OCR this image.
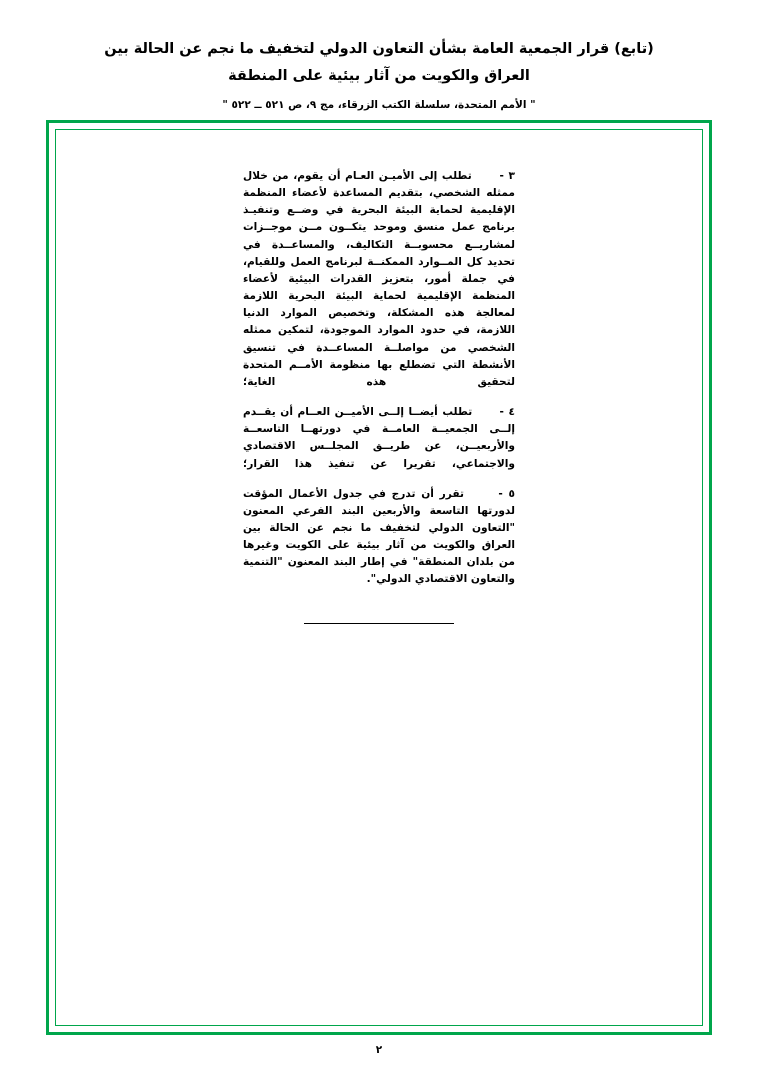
(تابع) قرار الجمعية العامة بشأن التعاون الدولي لتخفيف ما نجم عن الحالة بين
العراق والكويت من آثار بيئية على المنطقة
" الأمم المتحدة، سلسلة الكتب الزرقاء، مج ٩، ص ٥٢١ ــ ٥٢٢ "
٣ -      تطلب إلى الأميـن العـام أن يقوم، من خلال ممثله الشخصي، بتقديم المساعدة لأعضاء المنظمة الإقليمية لحماية البيئة البحرية في وضــع وتنفيـذ برنامج عمل منسق وموحد يتكــون مــن موجــزات لمشاريــع محسوبــة التكاليف، والمساعــدة في تحديد كل المــوارد الممكنــة لبرنامج العمل وللقيام، في جملة أمور، بتعزيز القدرات البيئية لأعضاء المنظمة الإقليمية لحماية البيئة البحرية اللازمة لمعالجة هذه المشكلة، وتخصيص الموارد الدنيا اللازمة، في حدود الموارد الموجودة، لتمكين ممثله الشخصي من مواصلــة المساعــدة في تنسيق الأنشطة التي تضطلع بها منظومة الأمــم المتحدة لتحقيق هذه الغاية؛
٤ -      تطلب أيضــا إلــى الأميــن العــام أن يقــدم إلــى الجمعيــة العامــة في دورتهــا التاسعــة والأربعيــن، عن طريــق المجلــس الاقتصادي والاجتماعي، تقريرا عن تنفيذ هذا القرار؛
٥ -      تقرر أن تدرج في جدول الأعمال المؤقت لدورتها التاسعة والأربعين البند الفرعي المعنون "التعاون الدولي لتخفيف ما نجم عن الحالة بين العراق والكويت من آثار بيئية على الكويت وغيرها من بلدان المنطقة" في إطار البند المعنون "التنمية والتعاون الاقتصادي الدولي".
٢
